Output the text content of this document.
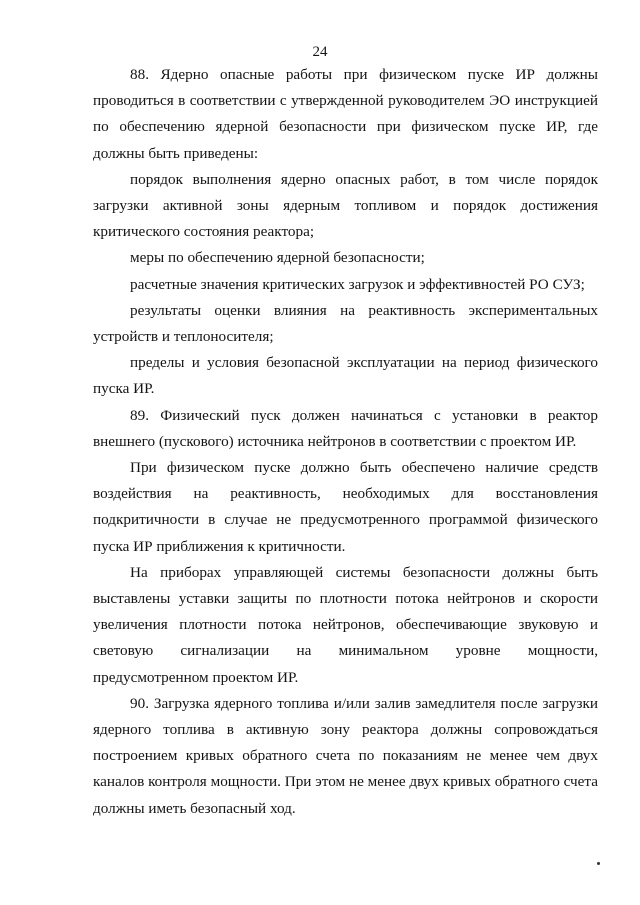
24

88. Ядерно опасные работы при физическом пуске ИР должны проводиться в соответствии с утвержденной руководителем ЭО инструкцией по обеспечению ядерной безопасности при физическом пуске ИР, где должны быть приведены:

порядок выполнения ядерно опасных работ, в том числе порядок загрузки активной зоны ядерным топливом и порядок достижения критического состояния реактора;

меры по обеспечению ядерной безопасности;

расчетные значения критических загрузок и эффективностей РО СУЗ;

результаты оценки влияния на реактивность экспериментальных устройств и теплоносителя;

пределы и условия безопасной эксплуатации на период физического пуска ИР.

89. Физический пуск должен начинаться с установки в реактор внешнего (пускового) источника нейтронов в соответствии с проектом ИР.

При физическом пуске должно быть обеспечено наличие средств воздействия на реактивность, необходимых для восстановления подкритичности в случае не предусмотренного программой физического пуска ИР приближения к критичности.

На приборах управляющей системы безопасности должны быть выставлены уставки защиты по плотности потока нейтронов и скорости увеличения плотности потока нейтронов, обеспечивающие звуковую и световую сигнализации на минимальном уровне мощности, предусмотренном проектом ИР.

90. Загрузка ядерного топлива и/или залив замедлителя после загрузки ядерного топлива в активную зону реактора должны сопровождаться построением кривых обратного счета по показаниям не менее чем двух каналов контроля мощности. При этом не менее двух кривых обратного счета должны иметь безопасный ход.
